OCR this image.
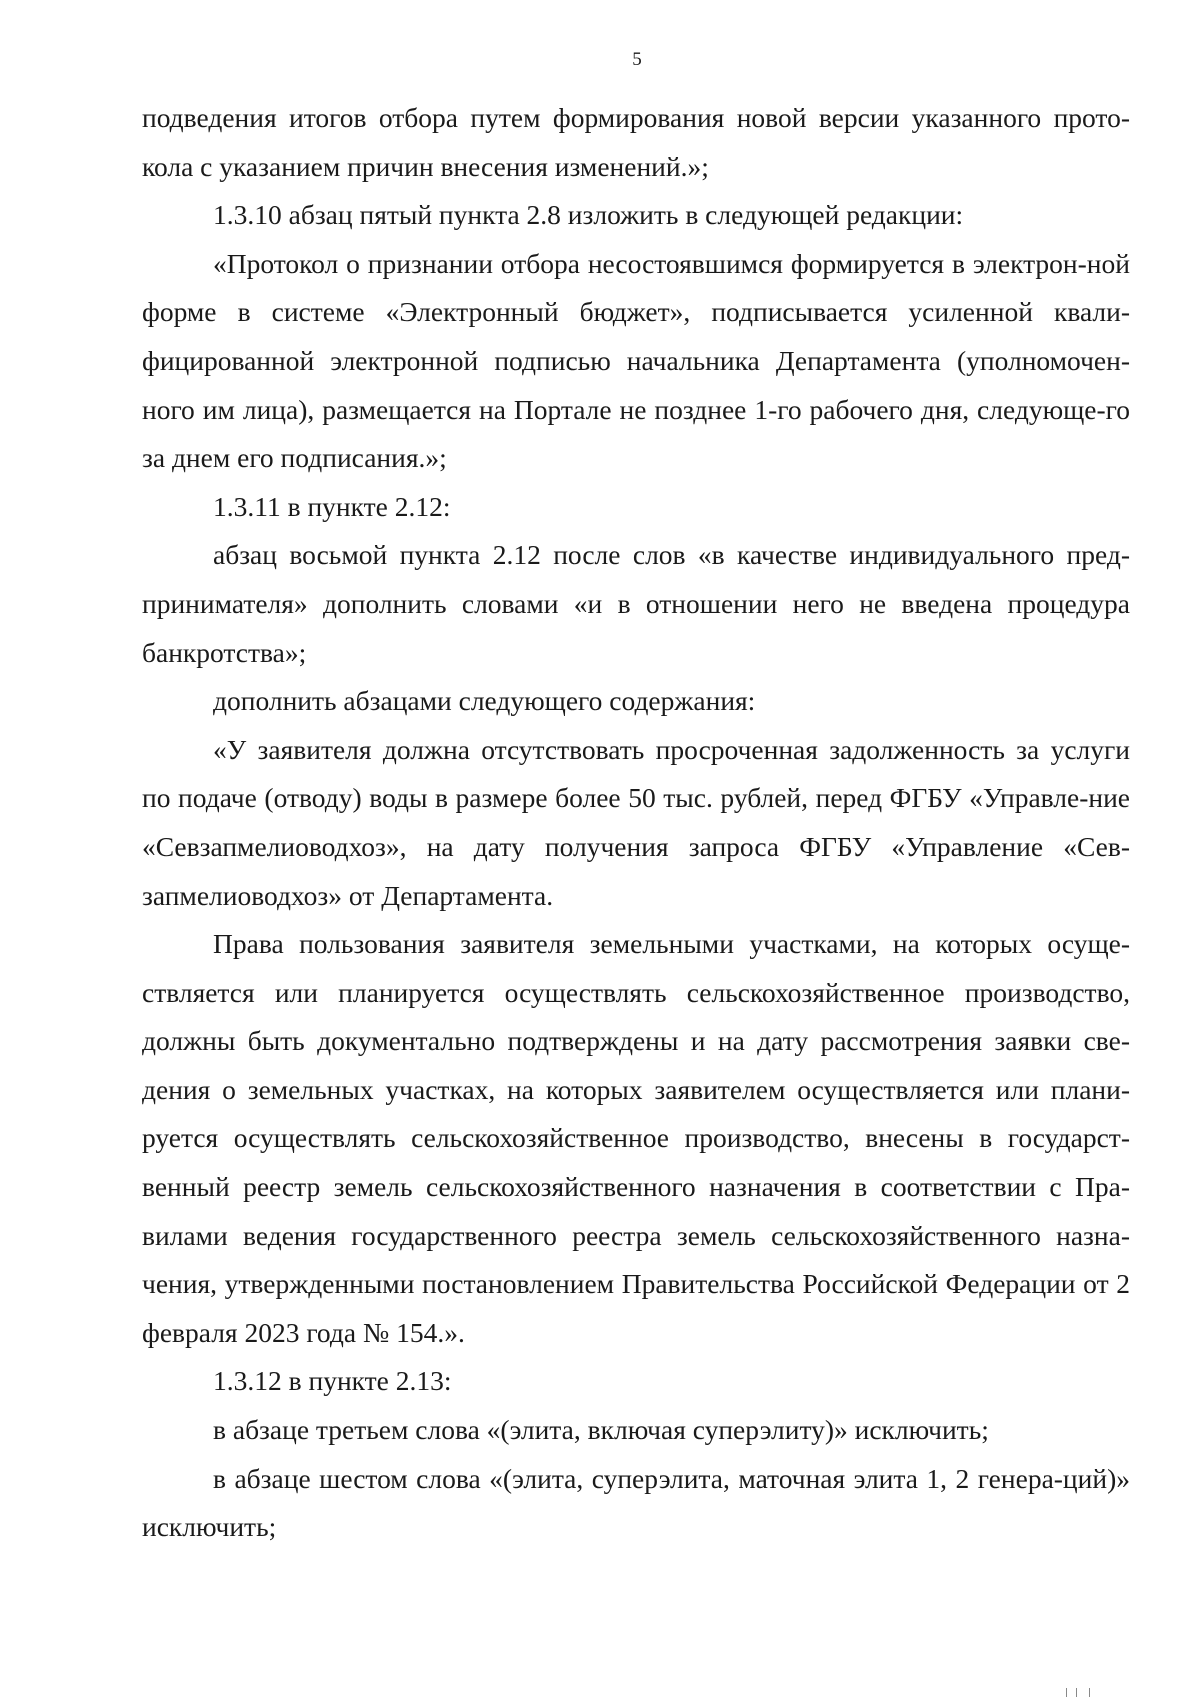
5

подведения итогов отбора путем формирования новой версии указанного прото-кола с указанием причин внесения изменений.»;

1.3.10 абзац пятый пункта 2.8 изложить в следующей редакции:

«Протокол о признании отбора несостоявшимся формируется в электрон-ной форме в системе «Электронный бюджет», подписывается усиленной квали-фицированной электронной подписью начальника Департамента (уполномочен-ного им лица), размещается на Портале не позднее 1-го рабочего дня, следующе-го за днем его подписания.»;

1.3.11 в пункте 2.12:

абзац восьмой пункта 2.12 после слов «в качестве индивидуального пред-принимателя» дополнить словами «и в отношении него не введена процедура банкротства»;

дополнить абзацами следующего содержания:

«У заявителя должна отсутствовать просроченная задолженность за услуги по подаче (отводу) воды в размере более 50 тыс. рублей, перед ФГБУ «Управле-ние «Севзапмелиоводхоз», на дату получения запроса ФГБУ «Управление «Сев-запмелиоводхоз» от Департамента.

Права пользования заявителя земельными участками, на которых осуще-ствляется или планируется осуществлять сельскохозяйственное производство, должны быть документально подтверждены и на дату рассмотрения заявки све-дения о земельных участках, на которых заявителем осуществляется или плани-руется осуществлять сельскохозяйственное производство, внесены в государст-венный реестр земель сельскохозяйственного назначения в соответствии с Пра-вилами ведения государственного реестра земель сельскохозяйственного назна-чения, утвержденными постановлением Правительства Российской Федерации от 2 февраля 2023 года № 154.».

1.3.12 в пункте 2.13:

в абзаце третьем слова «(элита, включая суперэлиту)» исключить;

в абзаце шестом слова «(элита, суперэлита, маточная элита 1, 2 генера-ций)» исключить;
